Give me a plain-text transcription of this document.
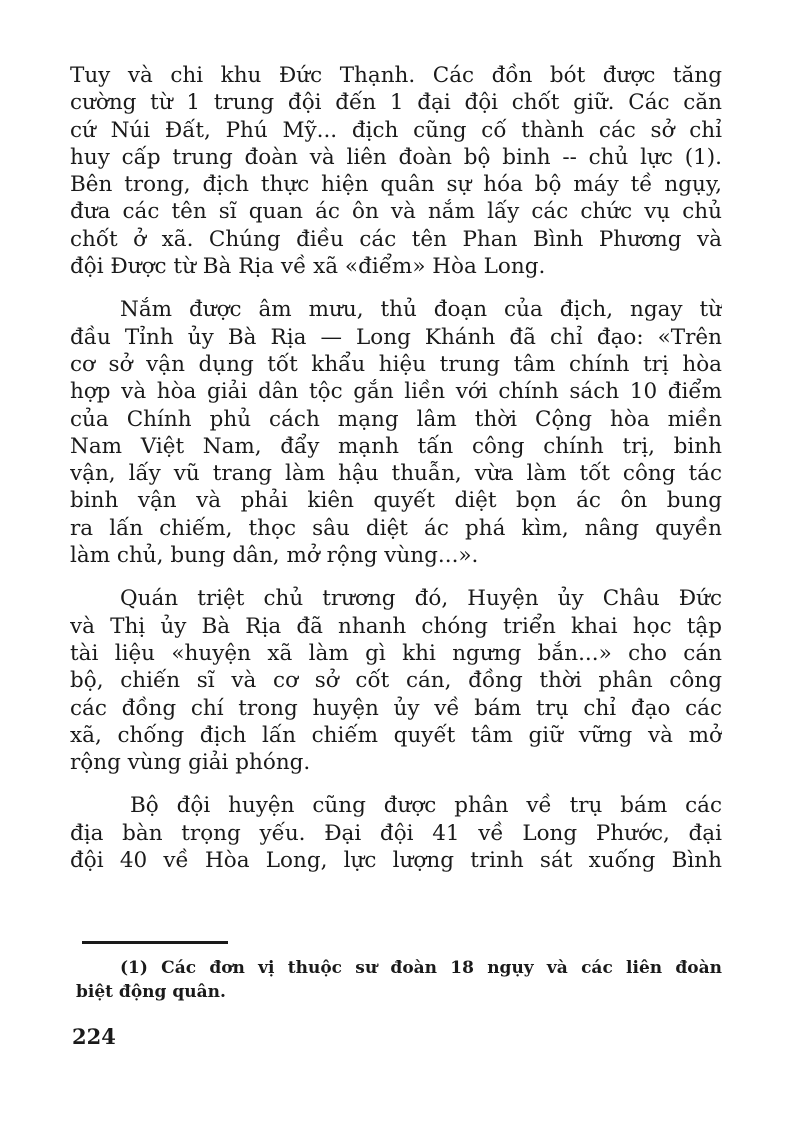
Tuy và chi khu Đức Thạnh. Các đồn bót được tăng
cường từ 1 trung đội đến 1 đại đội chốt giữ. Các căn
cứ Núi Đất, Phú Mỹ... địch cũng cố thành các sở chỉ
huy cấp trung đoàn và liên đoàn bộ binh -- chủ lực (1).
Bên trong, địch thực hiện quân sự hóa bộ máy tề ngụy,
đưa các tên sĩ quan ác ôn và nắm lấy các chức vụ chủ
chốt ở xã. Chúng điều các tên Phan Bình Phương và
đội Được từ Bà Rịa về xã «điểm» Hòa Long.

Nắm được âm mưu, thủ đoạn của địch, ngay từ
đầu Tỉnh ủy Bà Rịa — Long Khánh đã chỉ đạo: «Trên
cơ sở vận dụng tốt khẩu hiệu trung tâm chính trị hòa
hợp và hòa giải dân tộc gắn liền với chính sách 10 điểm
của Chính phủ cách mạng lâm thời Cộng hòa miền
Nam Việt Nam, đẩy mạnh tấn công chính trị, binh
vận, lấy vũ trang làm hậu thuẫn, vừa làm tốt công tác
binh vận và phải kiên quyết diệt bọn ác ôn bung
ra lấn chiếm, thọc sâu diệt ác phá kìm, nâng quyền
làm chủ, bung dân, mở rộng vùng...».

Quán triệt chủ trương đó, Huyện ủy Châu Đức
và Thị ủy Bà Rịa đã nhanh chóng triển khai học tập
tài liệu «huyện xã làm gì khi ngưng bắn...» cho cán
bộ, chiến sĩ và cơ sở cốt cán, đồng thời phân công
các đồng chí trong huyện ủy về bám trụ chỉ đạo các
xã, chống địch lấn chiếm quyết tâm giữ vững và mở
rộng vùng giải phóng.

Bộ đội huyện cũng được phân về trụ bám các
địa bàn trọng yếu. Đại đội 41 về Long Phước, đại
đội 40 về Hòa Long, lực lượng trinh sát xuống Bình

(1) Các đơn vị thuộc sư đoàn 18 ngụy và các liên đoàn
biệt động quân.

224
